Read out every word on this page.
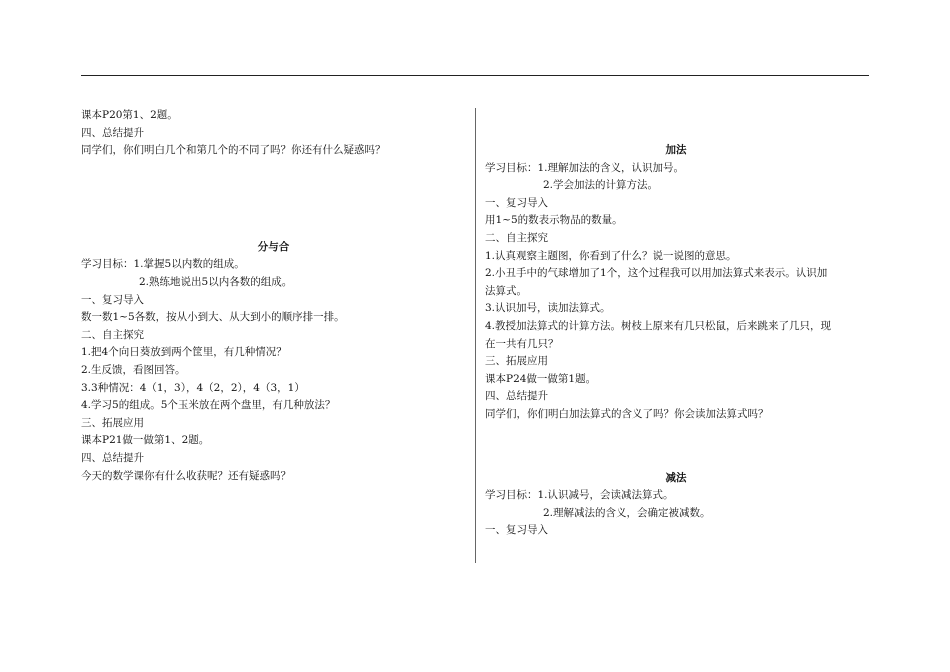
课本P20第1、2题。
四、总结提升
同学们，你们明白几个和第几个的不同了吗？你还有什么疑惑吗？
分与合
学习目标：1.掌握5以内数的组成。
2.熟练地说出5以内各数的组成。
一、复习导入
数一数1~5各数，按从小到大、从大到小的顺序排一排。
二、自主探究
1.把4个向日葵放到两个筐里，有几种情况？
2.生反馈，看图回答。
3.3种情况：4（1，3），4（2，2），4（3，1）
4.学习5的组成。5个玉米放在两个盘里，有几种放法？
三、拓展应用
课本P21做一做第1、2题。
四、总结提升
今天的数学课你有什么收获呢？还有疑惑吗？
加法
学习目标：1.理解加法的含义，认识加号。
2.学会加法的计算方法。
一、复习导入
用1~5的数表示物品的数量。
二、自主探究
1.认真观察主题图，你看到了什么？说一说图的意思。
2.小丑手中的气球增加了1个，这个过程我可以用加法算式来表示。认识加
法算式。
3.认识加号，读加法算式。
4.教授加法算式的计算方法。树枝上原来有几只松鼠，后来跳来了几只，现
在一共有几只？
三、拓展应用
课本P24做一做第1题。
四、总结提升
同学们，你们明白加法算式的含义了吗？你会读加法算式吗？
减法
学习目标：1.认识减号，会读减法算式。
2.理解减法的含义，会确定被减数。
一、复习导入
